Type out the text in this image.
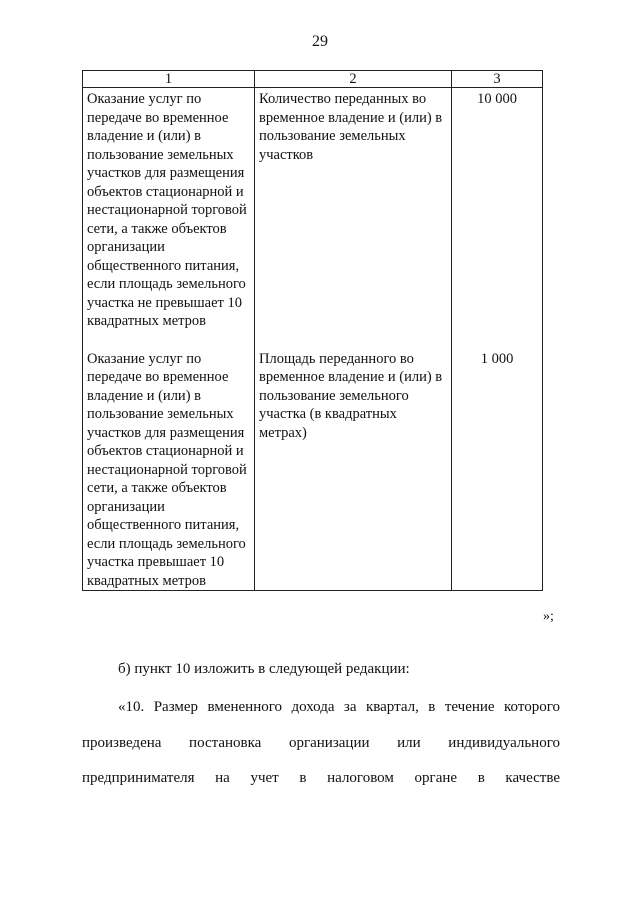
29
1	2	3
Оказание услуг по передаче во временное владение и (или) в пользование земельных участков для размещения объектов стационарной и нестационарной торговой сети, а также объектов организации общественного питания, если площадь земельного участка не превышает 10 квадратных метров	Количество переданных во временное владение и (или) в пользование земельных участков	10 000
Оказание услуг по передаче во временное владение и (или) в пользование земельных участков для размещения объектов стационарной и нестационарной торговой сети, а также объектов организации общественного питания, если площадь земельного участка превышает 10 квадратных метров	Площадь переданного во временное владение и (или) в пользование земельного участка (в квадратных метрах)	1 000
»;
б) пункт 10 изложить в следующей редакции:
«10. Размер вмененного дохода за квартал, в течение которого
произведена постановка организации или индивидуального
предпринимателя на учет в налоговом органе в качестве
